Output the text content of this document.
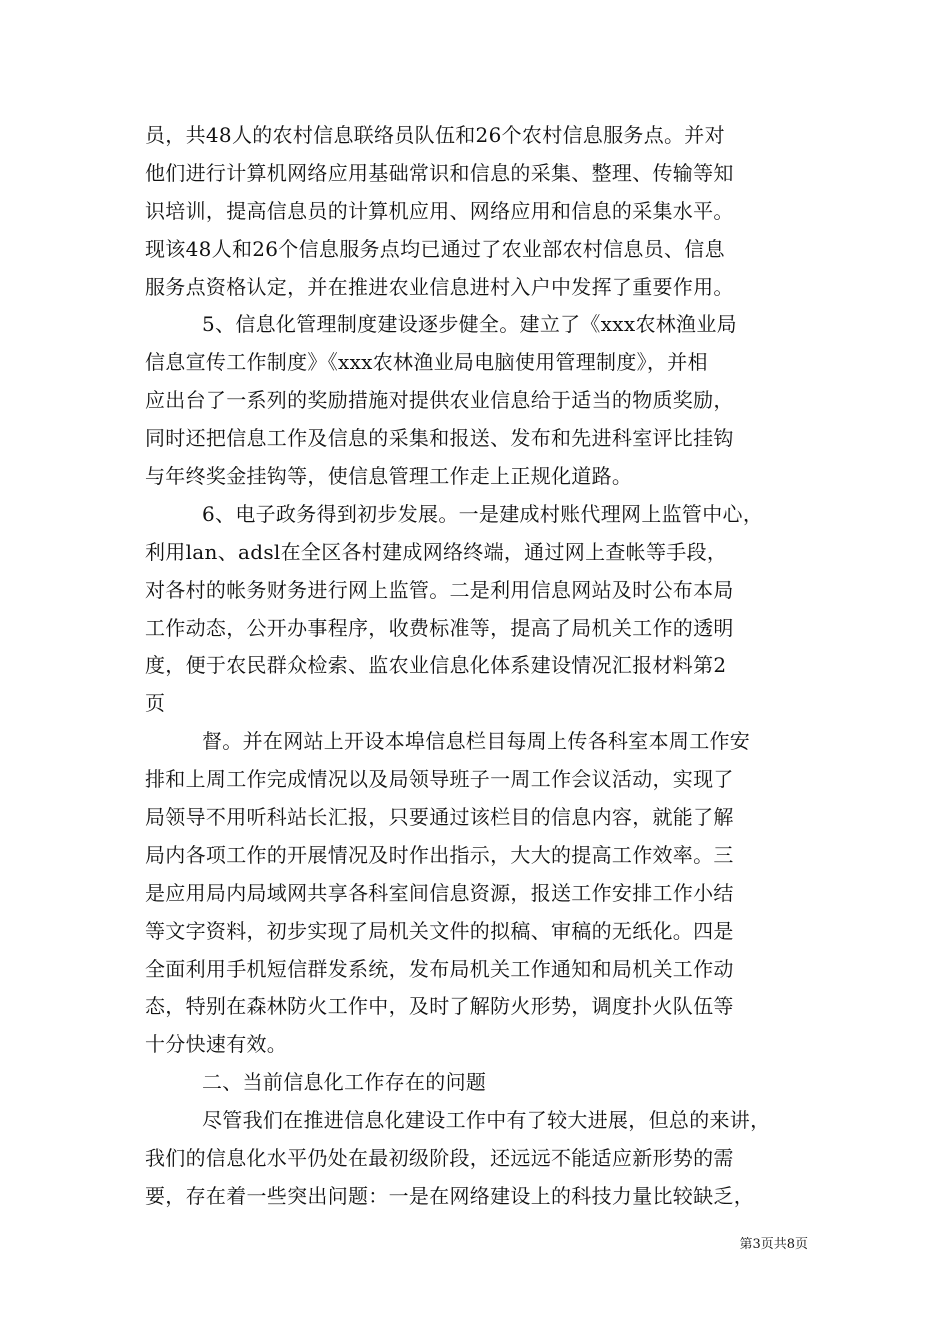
员，共48人的农村信息联络员队伍和26个农村信息服务点。并对
他们进行计算机网络应用基础常识和信息的采集、整理、传输等知
识培训，提高信息员的计算机应用、网络应用和信息的采集水平。
现该48人和26个信息服务点均已通过了农业部农村信息员、信息
服务点资格认定，并在推进农业信息进村入户中发挥了重要作用。
5、信息化管理制度建设逐步健全。建立了《xxx农林渔业局
信息宣传工作制度》《xxx农林渔业局电脑使用管理制度》，并相
应出台了一系列的奖励措施对提供农业信息给于适当的物质奖励，
同时还把信息工作及信息的采集和报送、发布和先进科室评比挂钩
与年终奖金挂钩等，使信息管理工作走上正规化道路。
6、电子政务得到初步发展。一是建成村账代理网上监管中心，
利用lan、adsl在全区各村建成网络终端，通过网上查帐等手段，
对各村的帐务财务进行网上监管。二是利用信息网站及时公布本局
工作动态，公开办事程序，收费标准等，提高了局机关工作的透明
度，便于农民群众检索、监农业信息化体系建设情况汇报材料第2
页
督。并在网站上开设本埠信息栏目每周上传各科室本周工作安
排和上周工作完成情况以及局领导班子一周工作会议活动，实现了
局领导不用听科站长汇报，只要通过该栏目的信息内容，就能了解
局内各项工作的开展情况及时作出指示，大大的提高工作效率。三
是应用局内局域网共享各科室间信息资源，报送工作安排工作小结
等文字资料，初步实现了局机关文件的拟稿、审稿的无纸化。四是
全面利用手机短信群发系统，发布局机关工作通知和局机关工作动
态，特别在森林防火工作中，及时了解防火形势，调度扑火队伍等
十分快速有效。
二、当前信息化工作存在的问题
尽管我们在推进信息化建设工作中有了较大进展，但总的来讲，
我们的信息化水平仍处在最初级阶段，还远远不能适应新形势的需
要，存在着一些突出问题：一是在网络建设上的科技力量比较缺乏，
第3页共8页
